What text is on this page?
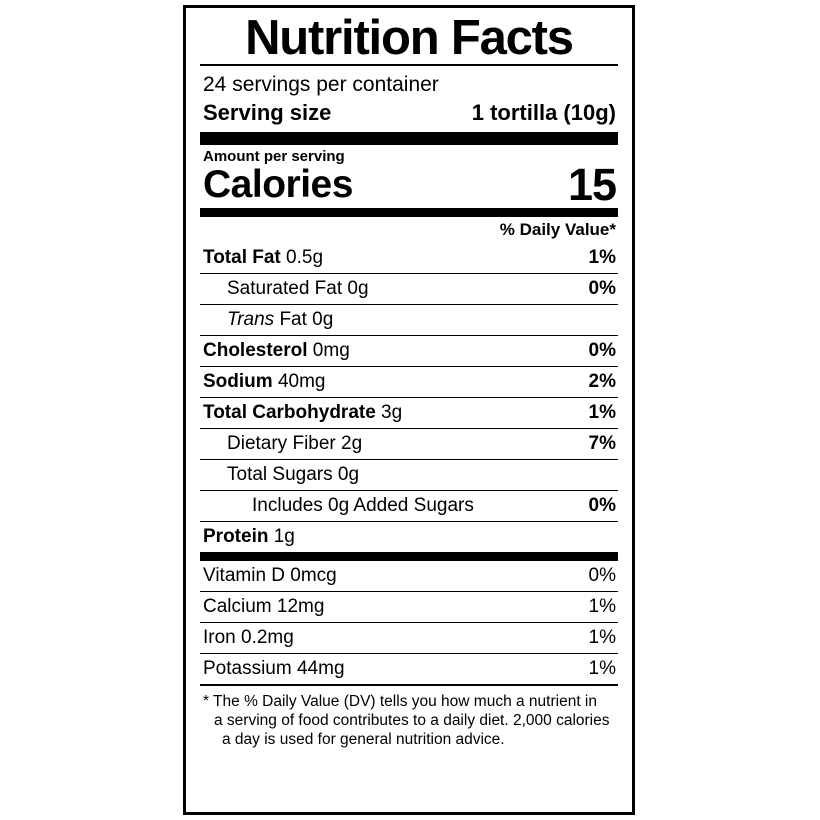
Nutrition Facts
24 servings per container
Serving size	1 tortilla (10g)
Amount per serving
Calories	15
% Daily Value*
Total Fat 0.5g	1%
Saturated Fat 0g	0%
Trans Fat 0g
Cholesterol 0mg	0%
Sodium 40mg	2%
Total Carbohydrate 3g	1%
Dietary Fiber 2g	7%
Total Sugars 0g
Includes 0g Added Sugars	0%
Protein 1g
Vitamin D 0mcg	0%
Calcium 12mg	1%
Iron 0.2mg	1%
Potassium 44mg	1%
* The % Daily Value (DV) tells you how much a nutrient in
a serving of food contributes to a daily diet. 2,000 calories
a day is used for general nutrition advice.
